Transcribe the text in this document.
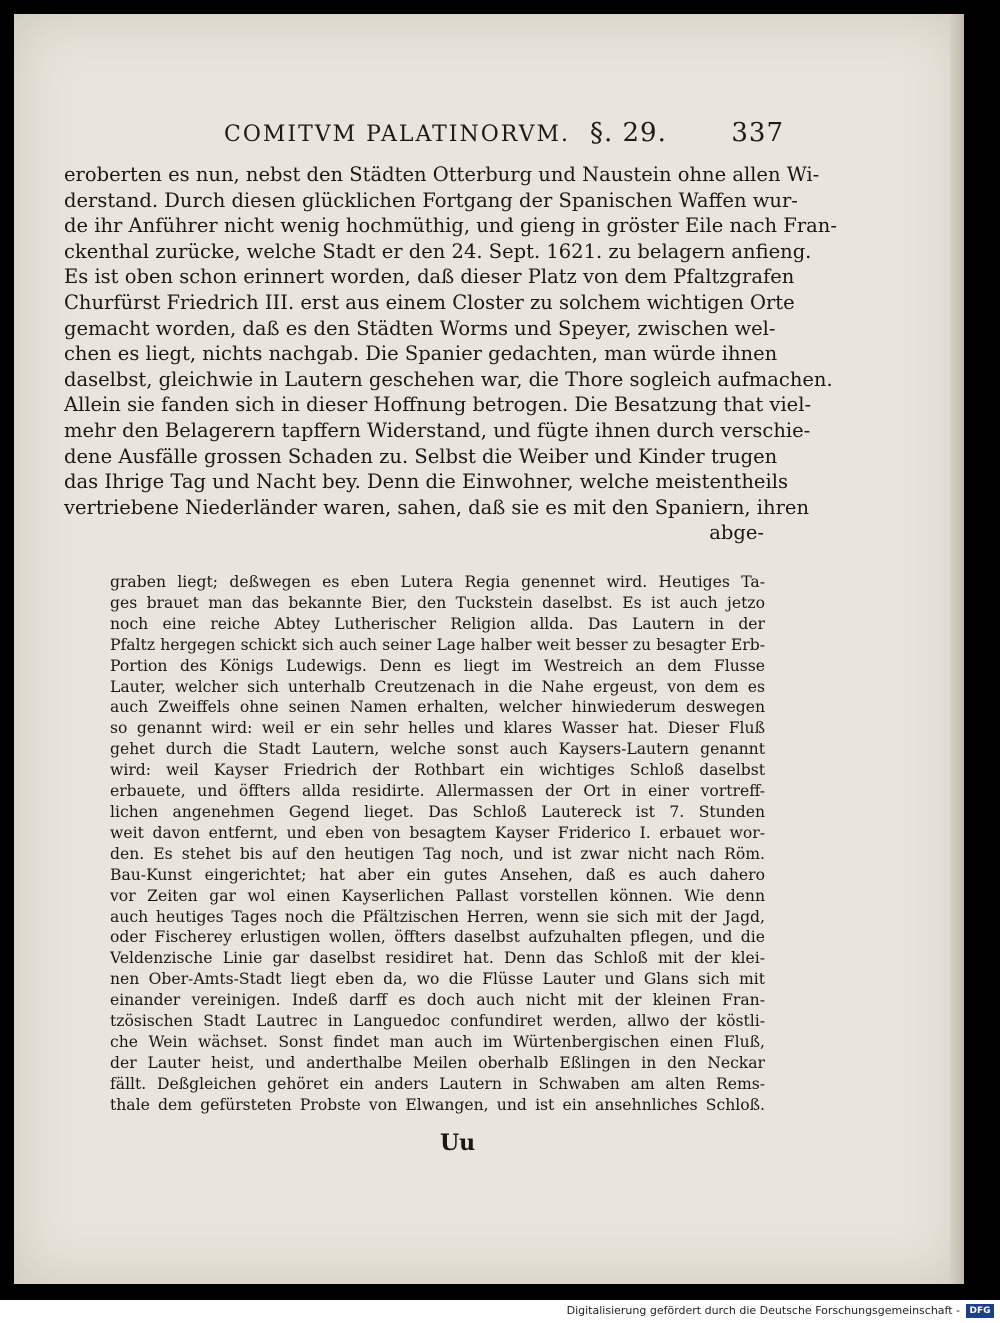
COMITVM PALATINORVM. §. 29. 337
eroberten es nun, nebst den Städten Otterburg und Naustein ohne allen Wi-
derstand. Durch diesen glücklichen Fortgang der Spanischen Waffen wur-
de ihr Anführer nicht wenig hochmüthig, und gieng in gröster Eile nach Fran-
ckenthal zurücke, welche Stadt er den 24. Sept. 1621. zu belagern anfieng.
Es ist oben schon erinnert worden, daß dieser Platz von dem Pfaltzgrafen
Churfürst Friedrich III. erst aus einem Closter zu solchem wichtigen Orte
gemacht worden, daß es den Städten Worms und Speyer, zwischen wel-
chen es liegt, nichts nachgab. Die Spanier gedachten, man würde ihnen
daselbst, gleichwie in Lautern geschehen war, die Thore sogleich aufmachen.
Allein sie fanden sich in dieser Hoffnung betrogen. Die Besatzung that viel-
mehr den Belagerern tapffern Widerstand, und fügte ihnen durch verschie-
dene Ausfälle grossen Schaden zu. Selbst die Weiber und Kinder trugen
das Ihrige Tag und Nacht bey. Denn die Einwohner, welche meistentheils
vertriebene Niederländer waren, sahen, daß sie es mit den Spaniern, ihren
abge-
graben liegt; deßwegen es eben Lutera Regia genennet wird. Heutiges Ta-
ges brauet man das bekannte Bier, den Tuckstein daselbst. Es ist auch jetzo
noch eine reiche Abtey Lutherischer Religion allda. Das Lautern in der
Pfaltz hergegen schickt sich auch seiner Lage halber weit besser zu besagter Erb-
Portion des Königs Ludewigs. Denn es liegt im Westreich an dem Flusse
Lauter, welcher sich unterhalb Creutzenach in die Nahe ergeust, von dem es
auch Zweiffels ohne seinen Namen erhalten, welcher hinwiederum deswegen
so genannt wird: weil er ein sehr helles und klares Wasser hat. Dieser Fluß
gehet durch die Stadt Lautern, welche sonst auch Kaysers-Lautern genannt
wird: weil Kayser Friedrich der Rothbart ein wichtiges Schloß daselbst
erbauete, und öffters allda residirte. Allermassen der Ort in einer vortreff-
lichen angenehmen Gegend lieget. Das Schloß Lautereck ist 7. Stunden
weit davon entfernt, und eben von besagtem Kayser Friderico I. erbauet wor-
den. Es stehet bis auf den heutigen Tag noch, und ist zwar nicht nach Röm.
Bau-Kunst eingerichtet; hat aber ein gutes Ansehen, daß es auch dahero
vor Zeiten gar wol einen Kayserlichen Pallast vorstellen können. Wie denn
auch heutiges Tages noch die Pfältzischen Herren, wenn sie sich mit der Jagd,
oder Fischerey erlustigen wollen, öffters daselbst aufzuhalten pflegen, und die
Veldenzische Linie gar daselbst residiret hat. Denn das Schloß mit der klei-
nen Ober-Amts-Stadt liegt eben da, wo die Flüsse Lauter und Glans sich mit
einander vereinigen. Indeß darff es doch auch nicht mit der kleinen Fran-
tzösischen Stadt Lautrec in Languedoc confundiret werden, allwo der köstli-
che Wein wächset. Sonst findet man auch im Würtenbergischen einen Fluß,
der Lauter heist, und anderthalbe Meilen oberhalb Eßlingen in den Neckar
fällt. Deßgleichen gehöret ein anders Lautern in Schwaben am alten Rems-
thale dem gefürsteten Probste von Elwangen, und ist ein ansehnliches Schloß.
Uu
Digitalisierung gefördert durch die Deutsche Forschungsgemeinschaft -	DFG
